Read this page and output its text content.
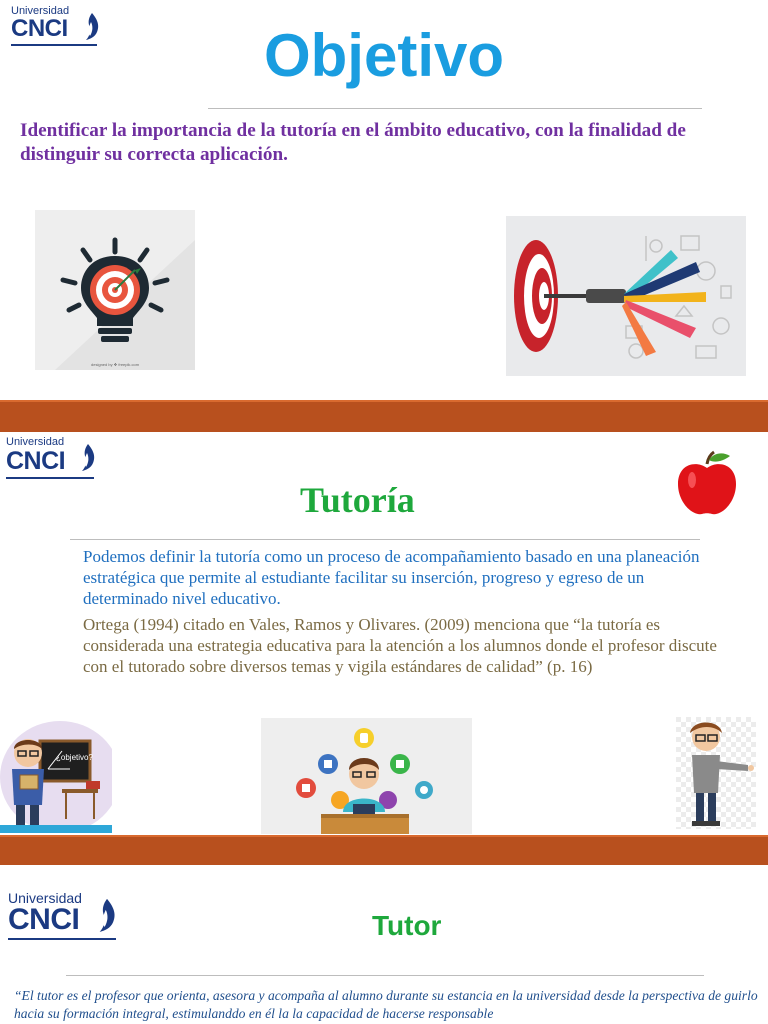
Universidad
CNCI	Objetivo
Identificar la importancia de la tutoría en el ámbito educativo, con la finalidad de distinguir su correcta aplicación.
designed by ❖ freepik.com
Universidad
CNCI
Tutoría
Podemos definir la tutoría como un proceso de acompañamiento basado en una planeación estratégica que permite al estudiante facilitar su inserción, progreso y egreso de un determinado nivel educativo.
Ortega (1994) citado en Vales, Ramos y Olivares. (2009) menciona que “la tutoría es considerada una estrategia educativa para la atención a los alumnos donde el profesor discute con el tutorado sobre diversos temas y vigila estándares de calidad” (p. 16)
¿objetivo?
Universidad
CNCI	Tutor
“El tutor es el profesor que orienta, asesora y acompaña al alumno durante su estancia en la universidad desde la perspectiva de guirlo hacia su formación integral, estimulanddo en él la la capacidad de hacerse responsable
